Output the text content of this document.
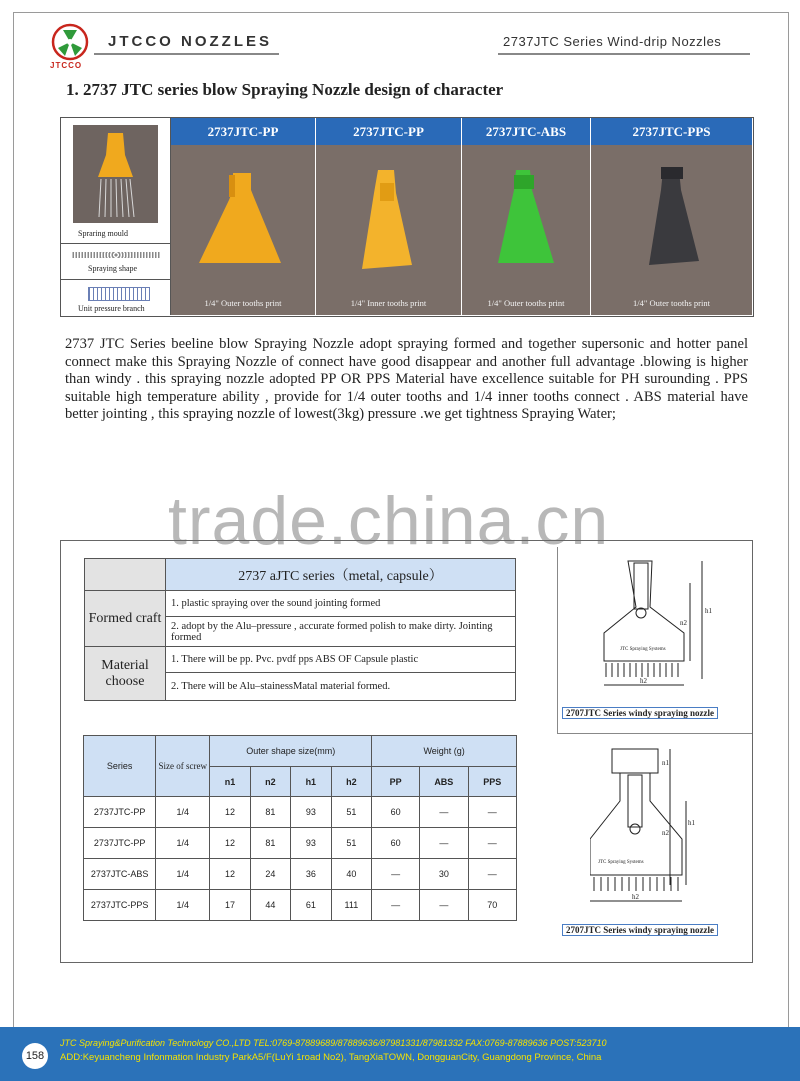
JTCCO
JTCCO NOZZLES	2737JTC Series Wind-drip Nozzles
1. 2737 JTC series blow Spraying Nozzle design of character
Spraring mould
Spraying shape
Unit pressure branch
2737JTC-PP	2737JTC-PP	2737JTC-ABS	2737JTC-PPS
1/4" Outer tooths print	1/4" Inner tooths print	1/4" Outer tooths print	1/4" Outer tooths print
2737 JTC Series beeline blow Spraying Nozzle adopt spraying formed and together supersonic and hotter panel connect make this Spraying Nozzle of connect have good disappear and another full advantage .blowing is higher than windy . this spraying nozzle adopted PP OR PPS Material have excellence suitable for PH surounding . PPS suitable high temperature ability , provide for 1/4 outer tooths and 1/4 inner tooths connect . ABS material have better jointing , this spraying nozzle of lowest(3kg) pressure .we get tightness Spraying Water;
trade.china.cn
	2737 aJTC series（metal, capsule）
Formed craft	1. plastic spraying over the sound jointing formed
	2. adopt by the Alu–pressure , accurate formed polish to make dirty. Jointing formed
Material choose	1. There will be pp. Pvc. pvdf pps ABS OF Capsule plastic
	2. There will be Alu–stainessMatal material formed.
Series	Size of screw	Outer shape size(mm)				Weight (g)		
		n1	n2	h1	h2	PP	ABS	PPS
2737JTC-PP	1/4	12	81	93	51	60	—	—
2737JTC-PP	1/4	12	81	93	51	60	—	—
2737JTC-ABS	1/4	12	24	36	40	—	30	—
2737JTC-PPS	1/4	17	44	61	111	—	—	70
JTC Spraying Systems
h1
n2
h2
2707JTC Series windy spraying nozzle
JTC Spraying Systems
n1
n2
h1
h2
2707JTC Series windy spraying nozzle
158
JTC Spraying&Purification Technology CO.,LTD TEL:0769-87889689/87889636/87981331/87981332 FAX:0769-87889636 POST:523710
ADD:Keyuancheng Infonmation Industry ParkA5/F(LuYi 1road No2), TangXiaTOWN, DongguanCity, Guangdong Province, China
